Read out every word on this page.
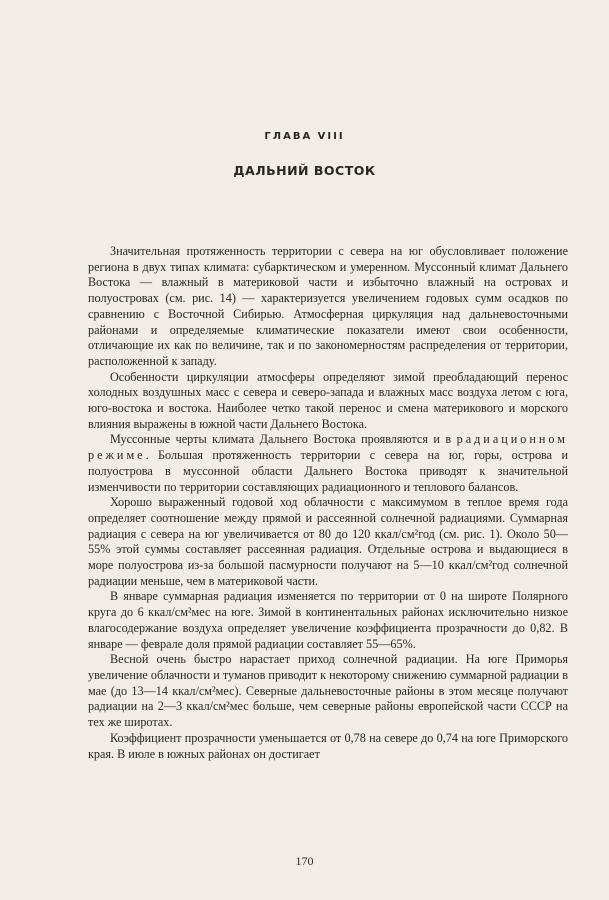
ГЛАВА VIII
ДАЛЬНИЙ ВОСТОК

Значительная протяженность территории с севера на юг обусловливает положение региона в двух типах климата: субарктическом и умеренном. Муссонный климат Дальнего Востока — влажный в материковой части и избыточно влажный на островах и полуостровах (см. рис. 14) — характеризуется увеличением годовых сумм осадков по сравнению с Восточной Сибирью. Атмосферная циркуляция над дальневосточными районами и определяемые климатические показатели имеют свои особенности, отличающие их как по величине, так и по закономерностям распределения от территории, расположенной к западу.

Особенности циркуляции атмосферы определяют зимой преобладающий перенос холодных воздушных масс с севера и северо-запада и влажных масс воздуха летом с юга, юго-востока и востока. Наиболее четко такой перенос и смена материкового и морского влияния выражены в южной части Дальнего Востока.

Муссонные черты климата Дальнего Востока проявляются и в радиационном режиме. Большая протяженность территории с севера на юг, горы, острова и полуострова в муссонной области Дальнего Востока приводят к значительной изменчивости по территории составляющих радиационного и теплового балансов.

Хорошо выраженный годовой ход облачности с максимумом в теплое время года определяет соотношение между прямой и рассеянной солнечной радиациями. Суммарная радиация с севера на юг увеличивается от 80 до 120 ккал/см²год (см. рис. 1). Около 50—55% этой суммы составляет рассеянная радиация. Отдельные острова и выдающиеся в море полуострова из-за большой пасмурности получают на 5—10 ккал/см²год солнечной радиации меньше, чем в материковой части.

В январе суммарная радиация изменяется по территории от 0 на широте Полярного круга до 6 ккал/см²мес на юге. Зимой в континентальных районах исключительно низкое влагосодержание воздуха определяет увеличение коэффициента прозрачности до 0,82. В январе — феврале доля прямой радиации составляет 55—65%.

Весной очень быстро нарастает приход солнечной радиации. На юге Приморья увеличение облачности и туманов приводит к некоторому снижению суммарной радиации в мае (до 13—14 ккал/см²мес). Северные дальневосточные районы в этом месяце получают радиации на 2—3 ккал/см²мес больше, чем северные районы европейской части СССР на тех же широтах.

Коэффициент прозрачности уменьшается от 0,78 на севере до 0,74 на юге Приморского края. В июле в южных районах он достигает

170
